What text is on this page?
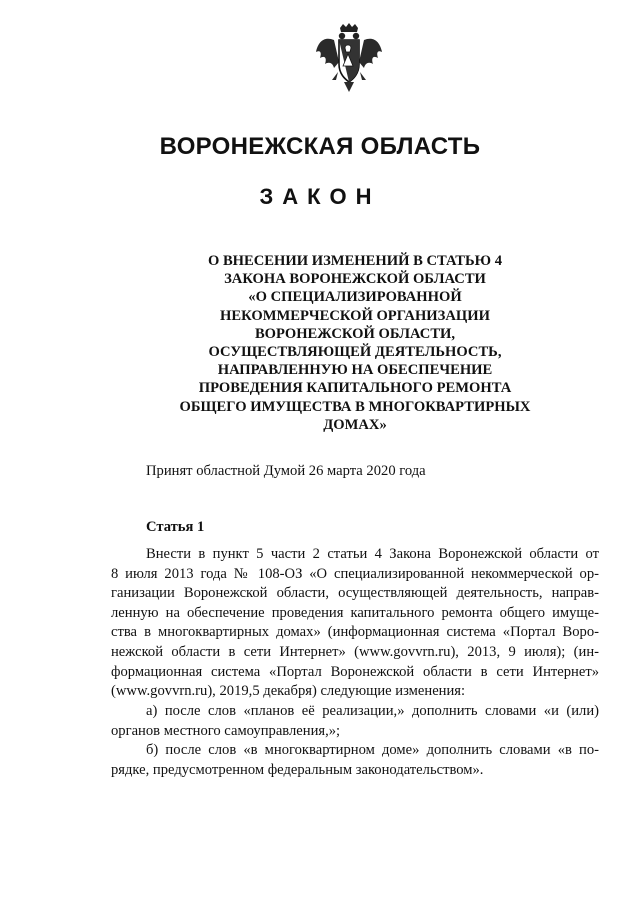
ВОРОНЕЖСКАЯ ОБЛАСТЬ
ЗАКОН
О ВНЕСЕНИИ ИЗМЕНЕНИЙ В СТАТЬЮ 4
ЗАКОНА ВОРОНЕЖСКОЙ ОБЛАСТИ
«О СПЕЦИАЛИЗИРОВАННОЙ
НЕКОММЕРЧЕСКОЙ ОРГАНИЗАЦИИ
ВОРОНЕЖСКОЙ ОБЛАСТИ,
ОСУЩЕСТВЛЯЮЩЕЙ ДЕЯТЕЛЬНОСТЬ,
НАПРАВЛЕННУЮ НА ОБЕСПЕЧЕНИЕ
ПРОВЕДЕНИЯ КАПИТАЛЬНОГО РЕМОНТА
ОБЩЕГО ИМУЩЕСТВА В МНОГОКВАРТИРНЫХ
ДОМАХ»

Принят областной Думой 26 марта 2020 года

Статья 1

Внести в пункт 5 части 2 статьи 4 Закона Воронежской области от
8 июля 2013 года № 108-ОЗ «О специализированной некоммерческой ор-
ганизации Воронежской области, осуществляющей деятельность, направ-
ленную на обеспечение проведения капитального ремонта общего имуще-
ства в многоквартирных домах» (информационная система «Портал Воро-
нежской области в сети Интернет» (www.govvrn.ru), 2013, 9 июля); (ин-
формационная система «Портал Воронежской области в сети Интернет»
(www.govvrn.ru), 2019,5 декабря) следующие изменения:
а) после слов «планов её реализации,» дополнить словами «и (или)
органов местного самоуправления,»;
б) после слов «в многоквартирном доме» дополнить словами «в по-
рядке, предусмотренном федеральным законодательством».
